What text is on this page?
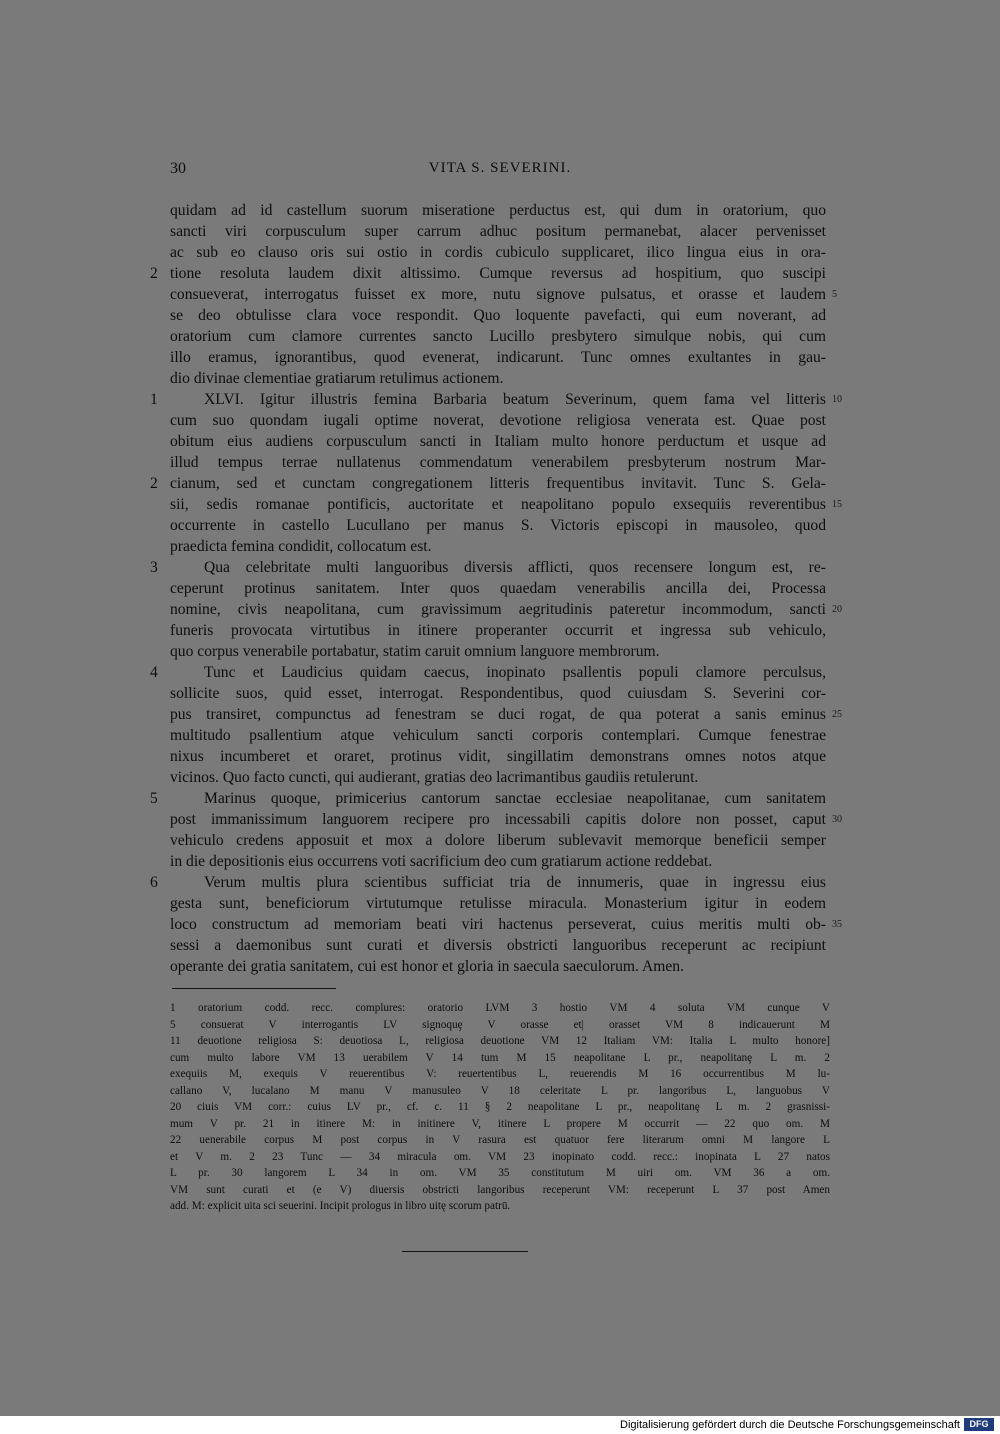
30	VITA S. SEVERINI.
quidam ad id castellum suorum miseratione perductus est, qui dum in oratorium, quo
sancti viri corpusculum super carrum adhuc positum permanebat, alacer pervenisset
ac sub eo clauso oris sui ostio in cordis cubiculo supplicaret, ilico lingua eius in ora-
tione resoluta laudem dixit altissimo. Cumque reversus ad hospitium, quo suscipi
2
consueverat, interrogatus fuisset ex more, nutu signove pulsatus, et orasse et laudem 5
se deo obtulisse clara voce respondit. Quo loquente pavefacti, qui eum noverant, ad
oratorium cum clamore currentes sancto Lucillo presbytero simulque nobis, qui cum
illo eramus, ignorantibus, quod evenerat, indicarunt. Tunc omnes exultantes in gau-
dio divinae clementiae gratiarum retulimus actionem.
XLVI. Igitur illustris femina Barbaria beatum Severinum, quem fama vel litteris
1	10
cum suo quondam iugali optime noverat, devotione religiosa venerata est. Quae post
obitum eius audiens corpusculum sancti in Italiam multo honore perductum et usque ad
illud tempus terrae nullatenus commendatum venerabilem presbyterum nostrum Mar-
cianum, sed et cunctam congregationem litteris frequentibus invitavit. Tunc S. Gela-
2
sii, sedis romanae pontificis, auctoritate et neapolitano populo exsequiis reverentibus 15
occurrente in castello Lucullano per manus S. Victoris episcopi in mausoleo, quod
praedicta femina condidit, collocatum est.
Qua celebritate multi languoribus diversis afflicti, quos recensere longum est, re-
3
ceperunt protinus sanitatem. Inter quos quaedam venerabilis ancilla dei, Processa
nomine, civis neapolitana, cum gravissimum aegritudinis pateretur incommodum, sancti 20
funeris provocata virtutibus in itinere properanter occurrit et ingressa sub vehiculo,
quo corpus venerabile portabatur, statim caruit omnium languore membrorum.
Tunc et Laudicius quidam caecus, inopinato psallentis populi clamore perculsus,
4
sollicite suos, quid esset, interrogat. Respondentibus, quod cuiusdam S. Severini cor-
pus transiret, compunctus ad fenestram se duci rogat, de qua poterat a sanis eminus 25
multitudo psallentium atque vehiculum sancti corporis contemplari. Cumque fenestrae
nixus incumberet et oraret, protinus vidit, singillatim demonstrans omnes notos atque
vicinos. Quo facto cuncti, qui audierant, gratias deo lacrimantibus gaudiis retulerunt.
Marinus quoque, primicerius cantorum sanctae ecclesiae neapolitanae, cum sanitatem
5
post immanissimum languorem recipere pro incessabili capitis dolore non posset, caput 30
vehiculo credens apposuit et mox a dolore liberum sublevavit memorque beneficii semper
in die depositionis eius occurrens voti sacrificium deo cum gratiarum actione reddebat.
Verum multis plura scientibus sufficiat tria de innumeris, quae in ingressu eius
6
gesta sunt, beneficiorum virtutumque retulisse miracula. Monasterium igitur in eodem
loco constructum ad memoriam beati viri hactenus perseverat, cuius meritis multi ob- 35
sessi a daemonibus sunt curati et diversis obstricti languoribus receperunt ac recipiunt
operante dei gratia sanitatem, cui est honor et gloria in saecula saeculorum. Amen.
1 oratorium codd. recc. complures: oratorio LVM 3 hostio VM 4 soluta VM cunque V
5 consuerat V interrogantis LV signoquȩ V orasse et| orasset VM 8 indicauerunt M
11 deuotione religiosa S: deuotiosa L, religiosa deuotione VM 12 Italiam VM: Italia L multo honore]
cum multo labore VM 13 uerabilem V 14 tum M 15 neapolitane L pr., neapolitanȩ L m. 2
exequiis M, exequis V reuerentibus V: reuertentibus L, reuerendis M 16 occurrentibus M lu-
callano V, lucalano M manu V manusuleo V 18 celeritate L pr. langoribus L, languobus V
20 ciuis VM corr.: cuius LV pr., cf. c. 11 § 2 neapolitane L pr., neapolitanȩ L m. 2 grasnissi-
mum V pr. 21 in itinere M: in initinere V, itinere L propere M occurrit — 22 quo om. M
22 uenerabile corpus M post corpus in V rasura est quatuor fere literarum omni M langore L
et V m. 2 23 Tunc — 34 miracula om. VM 23 inopinato codd. recc.: inopinata L 27 natos
L pr. 30 langorem L 34 in om. VM 35 constitutum M uiri om. VM 36 a om.
VM sunt curati et (e V) diuersis obstricti langoribus receperunt VM: receperunt L 37 post Amen
add. M: explicit uita sci seuerini. Incipit prologus in libro uitę scorum patrū.
Digitalisierung gefördert durch die Deutsche Forschungsgemeinschaft	DFG
